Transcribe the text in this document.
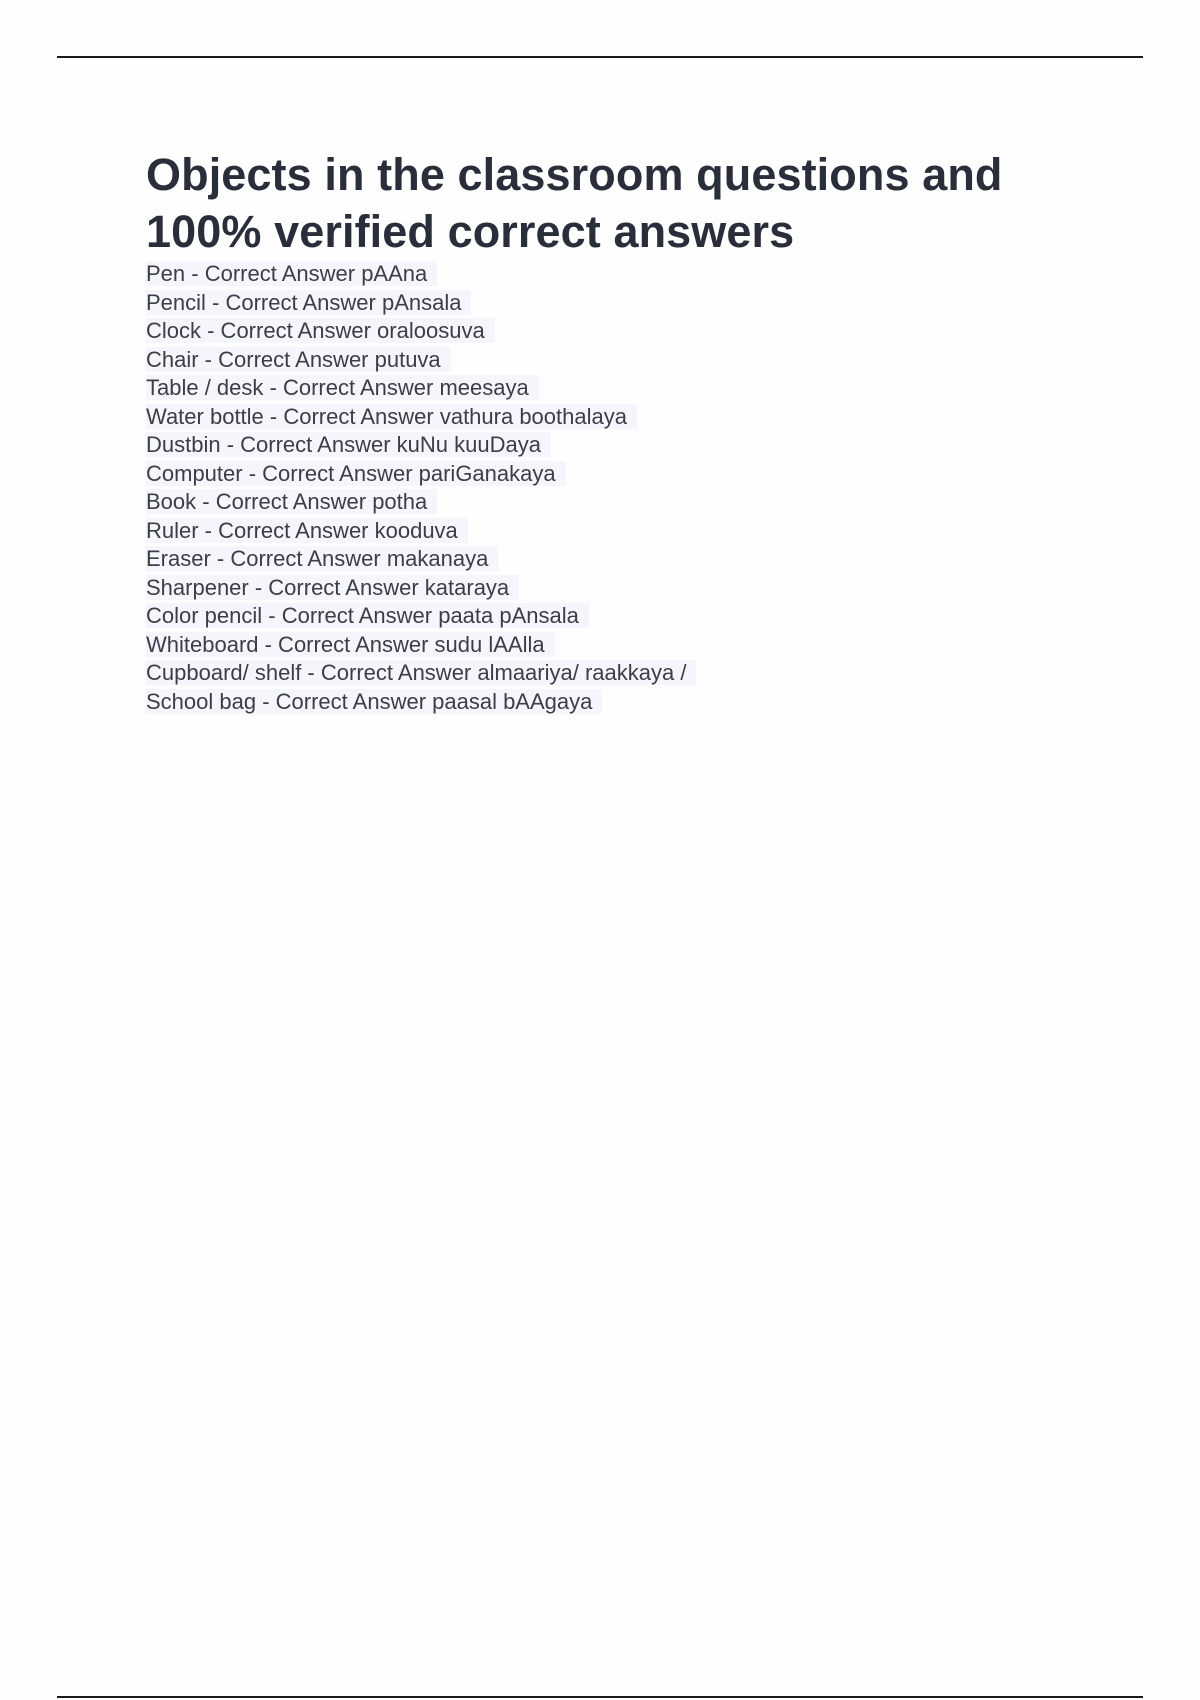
Objects in the classroom questions and 100% verified correct answers
Pen - Correct Answer pAAna
Pencil - Correct Answer pAnsala
Clock - Correct Answer oraloosuva
Chair - Correct Answer putuva
Table / desk - Correct Answer meesaya
Water bottle - Correct Answer vathura boothalaya
Dustbin - Correct Answer kuNu kuuDaya
Computer - Correct Answer pariGanakaya
Book - Correct Answer potha
Ruler - Correct Answer kooduva
Eraser - Correct Answer makanaya
Sharpener - Correct Answer kataraya
Color pencil - Correct Answer paata pAnsala
Whiteboard - Correct Answer sudu lAAlla
Cupboard/ shelf - Correct Answer almaariya/ raakkaya /
School bag - Correct Answer paasal bAAgaya
